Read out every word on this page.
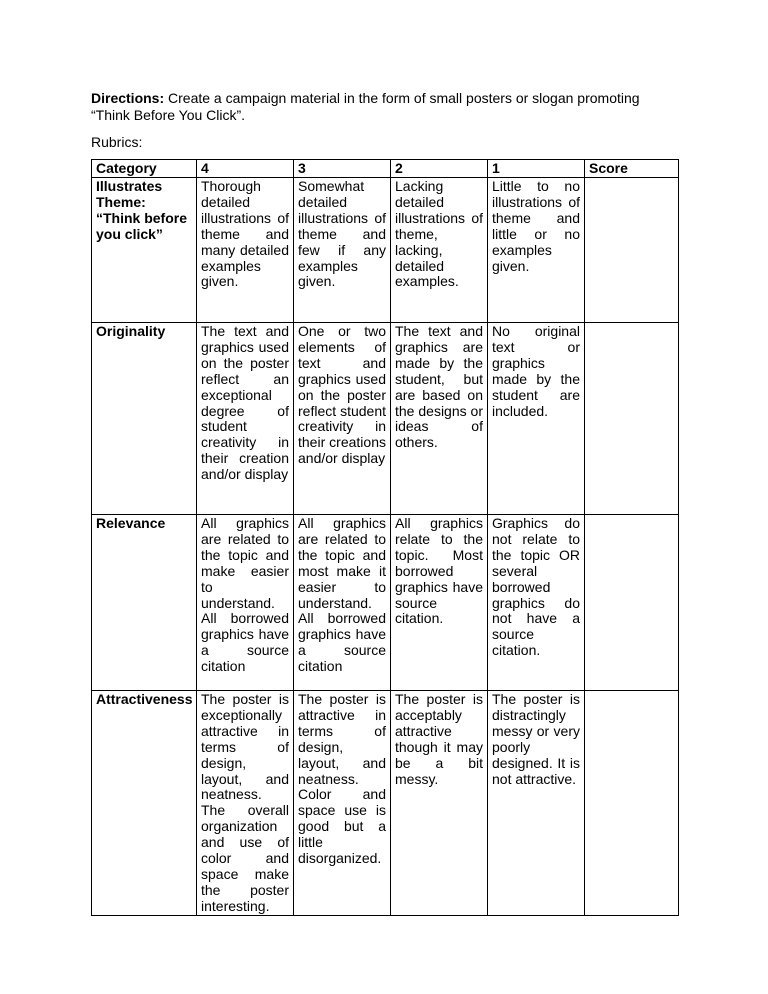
Directions: Create a campaign material in the form of small posters or slogan promoting “Think Before You Click”.

Rubrics:

Category	4	3	2	1	Score
Illustrates Theme: “Think before you click”	Thorough detailed illustrations of theme and many detailed examples given.	Somewhat detailed illustrations of theme and few if any examples given.	Lacking detailed illustrations of theme, lacking, detailed examples.	Little to no illustrations of theme and little or no examples given.	
Originality	The text and graphics used on the poster reflect an exceptional degree of student creativity in their creation and/or display	One or two elements of text and graphics used on the poster reflect student creativity in their creations and/or display	The text and graphics are made by the student, but are based on the designs or ideas of others.	No original text or graphics made by the student are included.	
Relevance	All graphics are related to the topic and make easier to understand. All borrowed graphics have a source citation	All graphics are related to the topic and most make it easier to understand. All borrowed graphics have a source citation	All graphics relate to the topic. Most borrowed graphics have source citation.	Graphics do not relate to the topic OR several borrowed graphics do not have a source citation.	
Attractiveness	The poster is exceptionally attractive in terms of design, layout, and neatness. The overall organization and use of color and space make the poster interesting.	The poster is attractive in terms of design, layout, and neatness. Color and space use is good but a little disorganized.	The poster is acceptably attractive though it may be a bit messy.	The poster is distractingly messy or very poorly designed. It is not attractive.	
